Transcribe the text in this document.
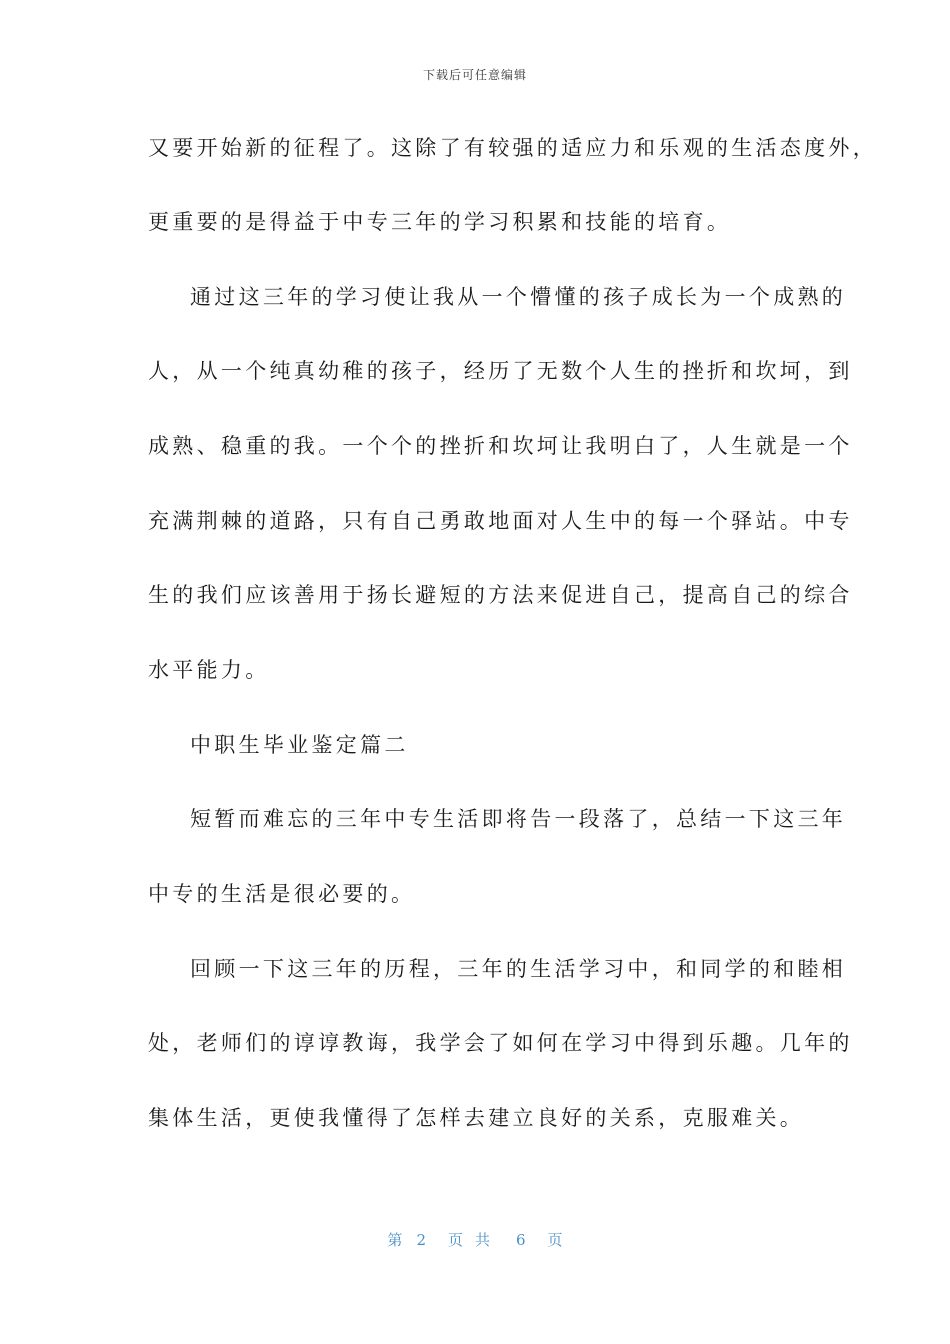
下载后可任意编辑
又要开始新的征程了。这除了有较强的适应力和乐观的生活态度外，
更重要的是得益于中专三年的学习积累和技能的培育。
通过这三年的学习使让我从一个懵懂的孩子成长为一个成熟的
人，从一个纯真幼稚的孩子，经历了无数个人生的挫折和坎坷，到
成熟、稳重的我。一个个的挫折和坎坷让我明白了，人生就是一个
充满荆棘的道路，只有自己勇敢地面对人生中的每一个驿站。中专
生的我们应该善用于扬长避短的方法来促进自己，提高自己的综合
水平能力。
中职生毕业鉴定篇二
短暂而难忘的三年中专生活即将告一段落了，总结一下这三年
中专的生活是很必要的。
回顾一下这三年的历程，三年的生活学习中，和同学的和睦相
处，老师们的谆谆教诲，我学会了如何在学习中得到乐趣。几年的
集体生活，更使我懂得了怎样去建立良好的关系，克服难关。
第 2 页共 6 页
